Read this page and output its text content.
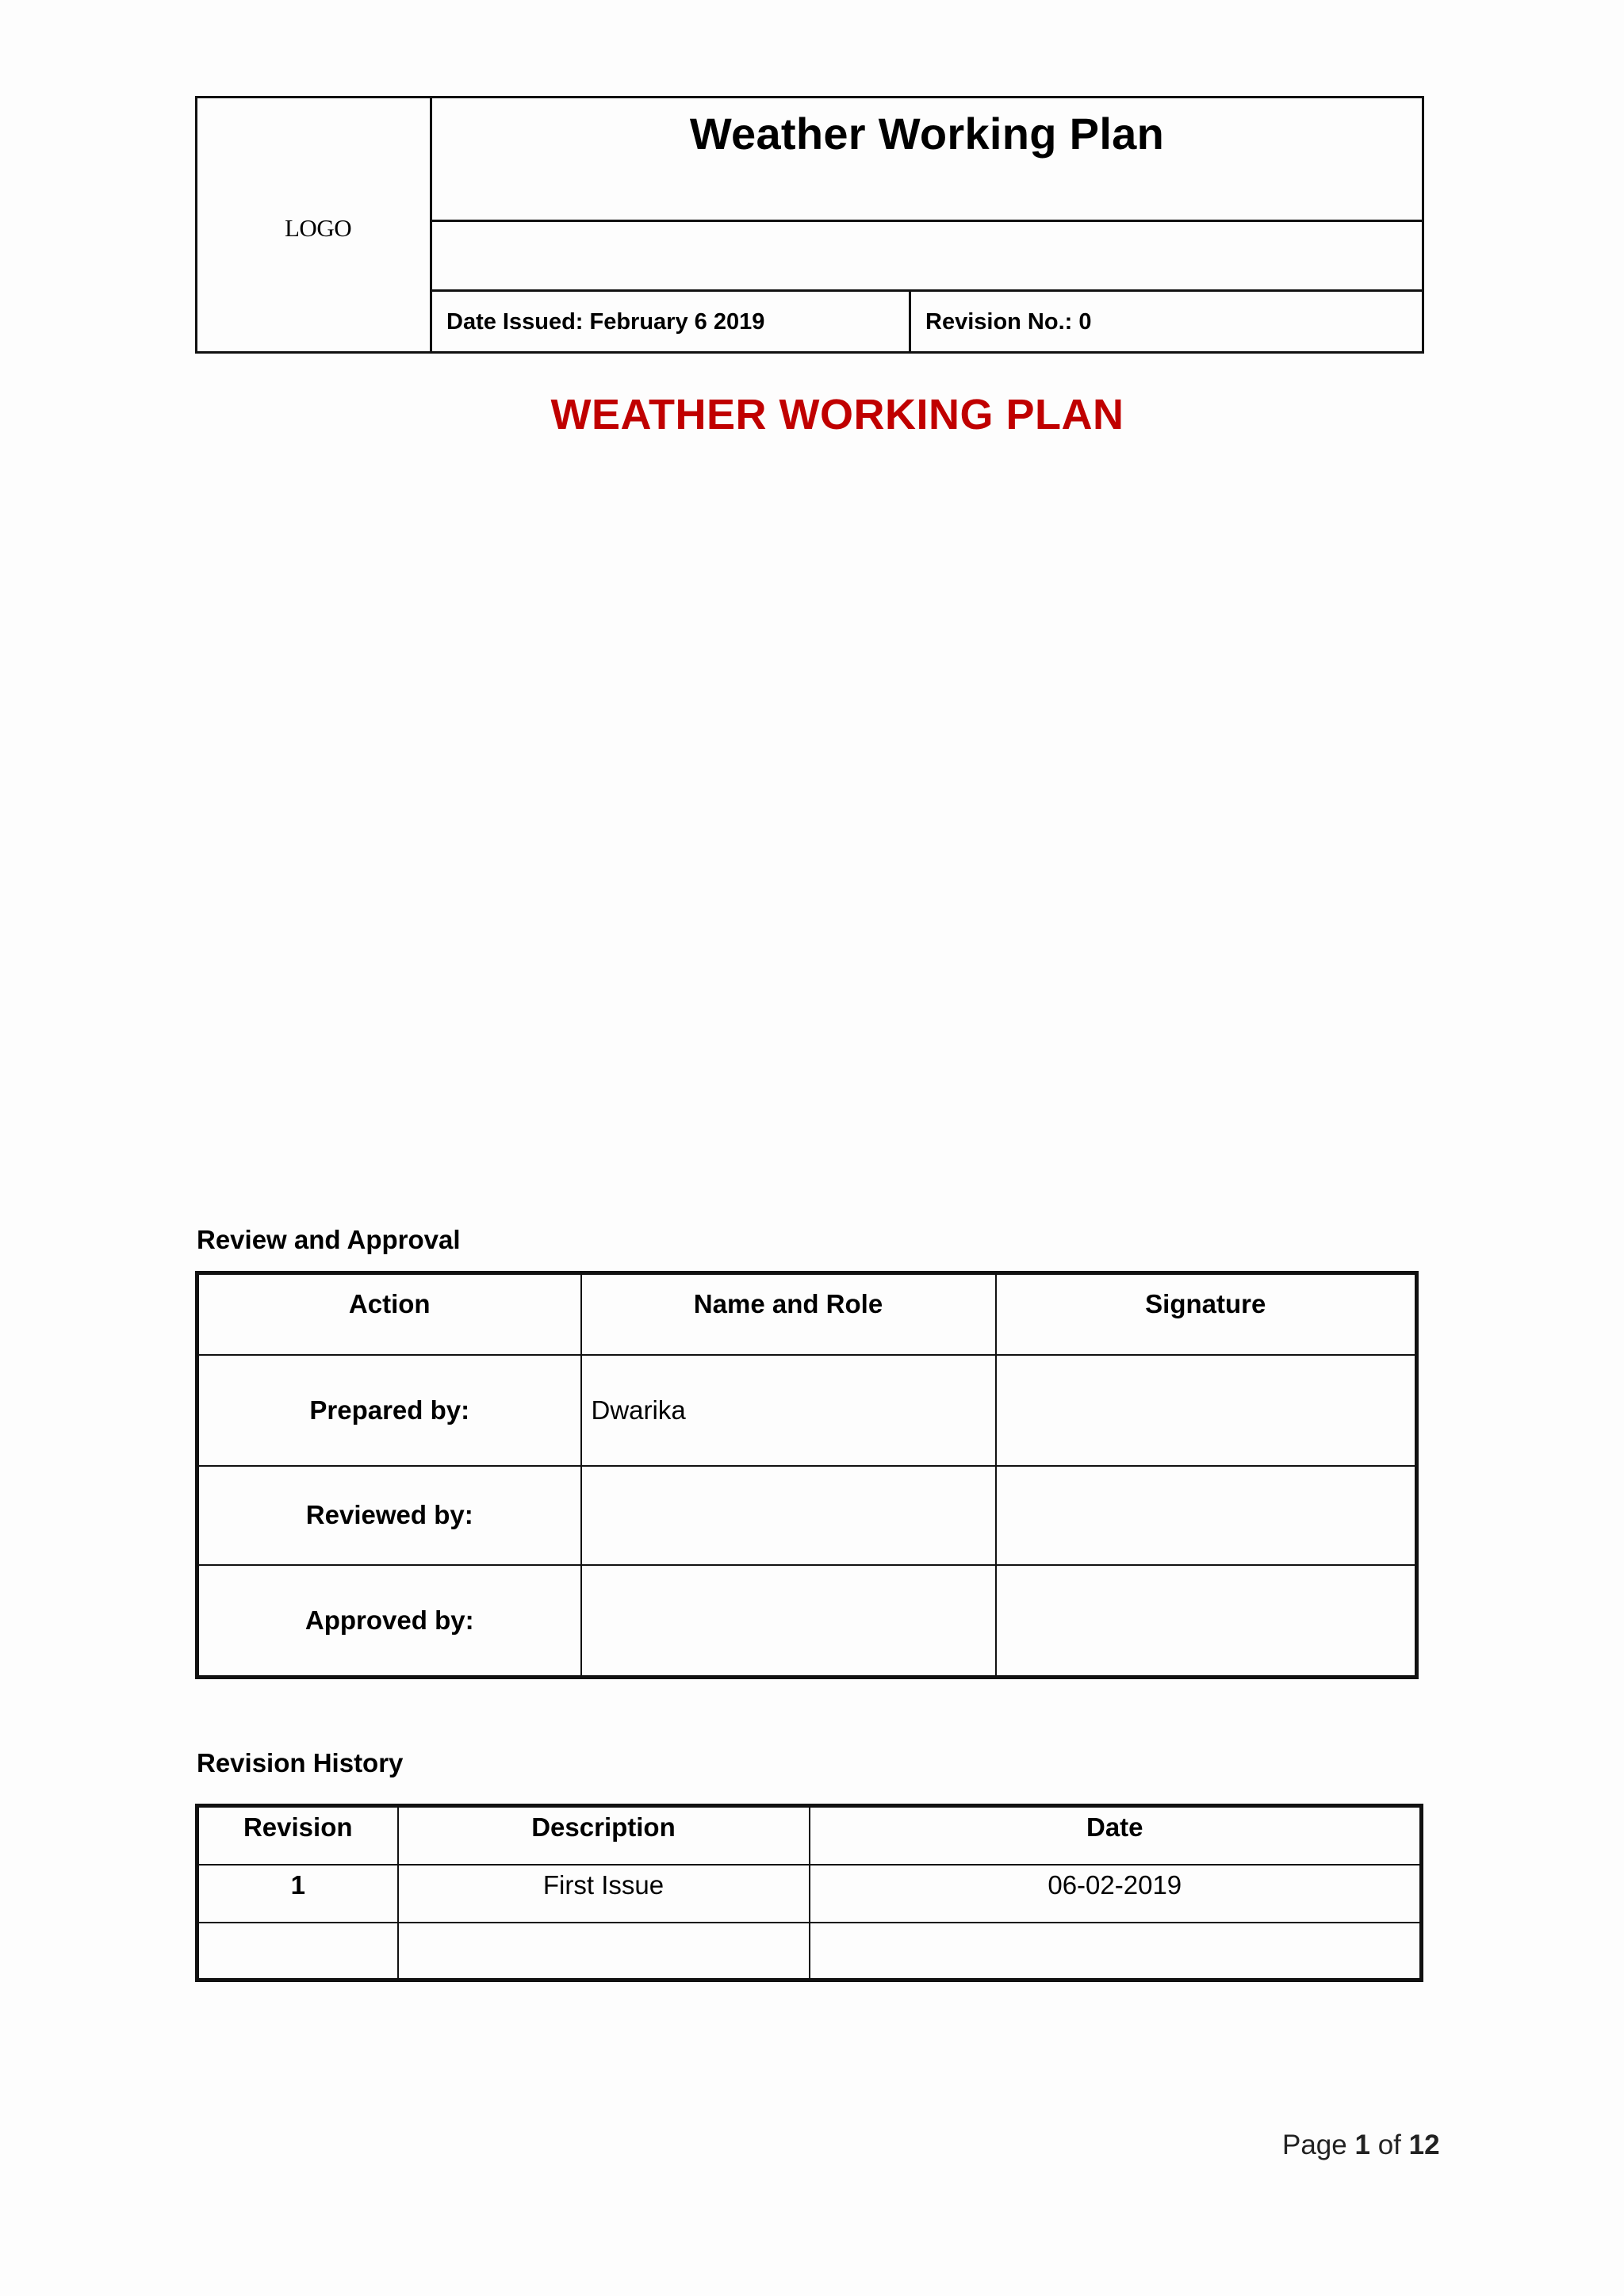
LOGO
Weather Working Plan
Date Issued: February 6 2019	Revision No.: 0
WEATHER WORKING PLAN
Review and Approval
Action	Name and Role	Signature
Prepared by:	Dwarika	
Reviewed by:		
Approved by:		
Revision History
Revision	Description	Date
1	First Issue	06-02-2019

Page 1 of 12
